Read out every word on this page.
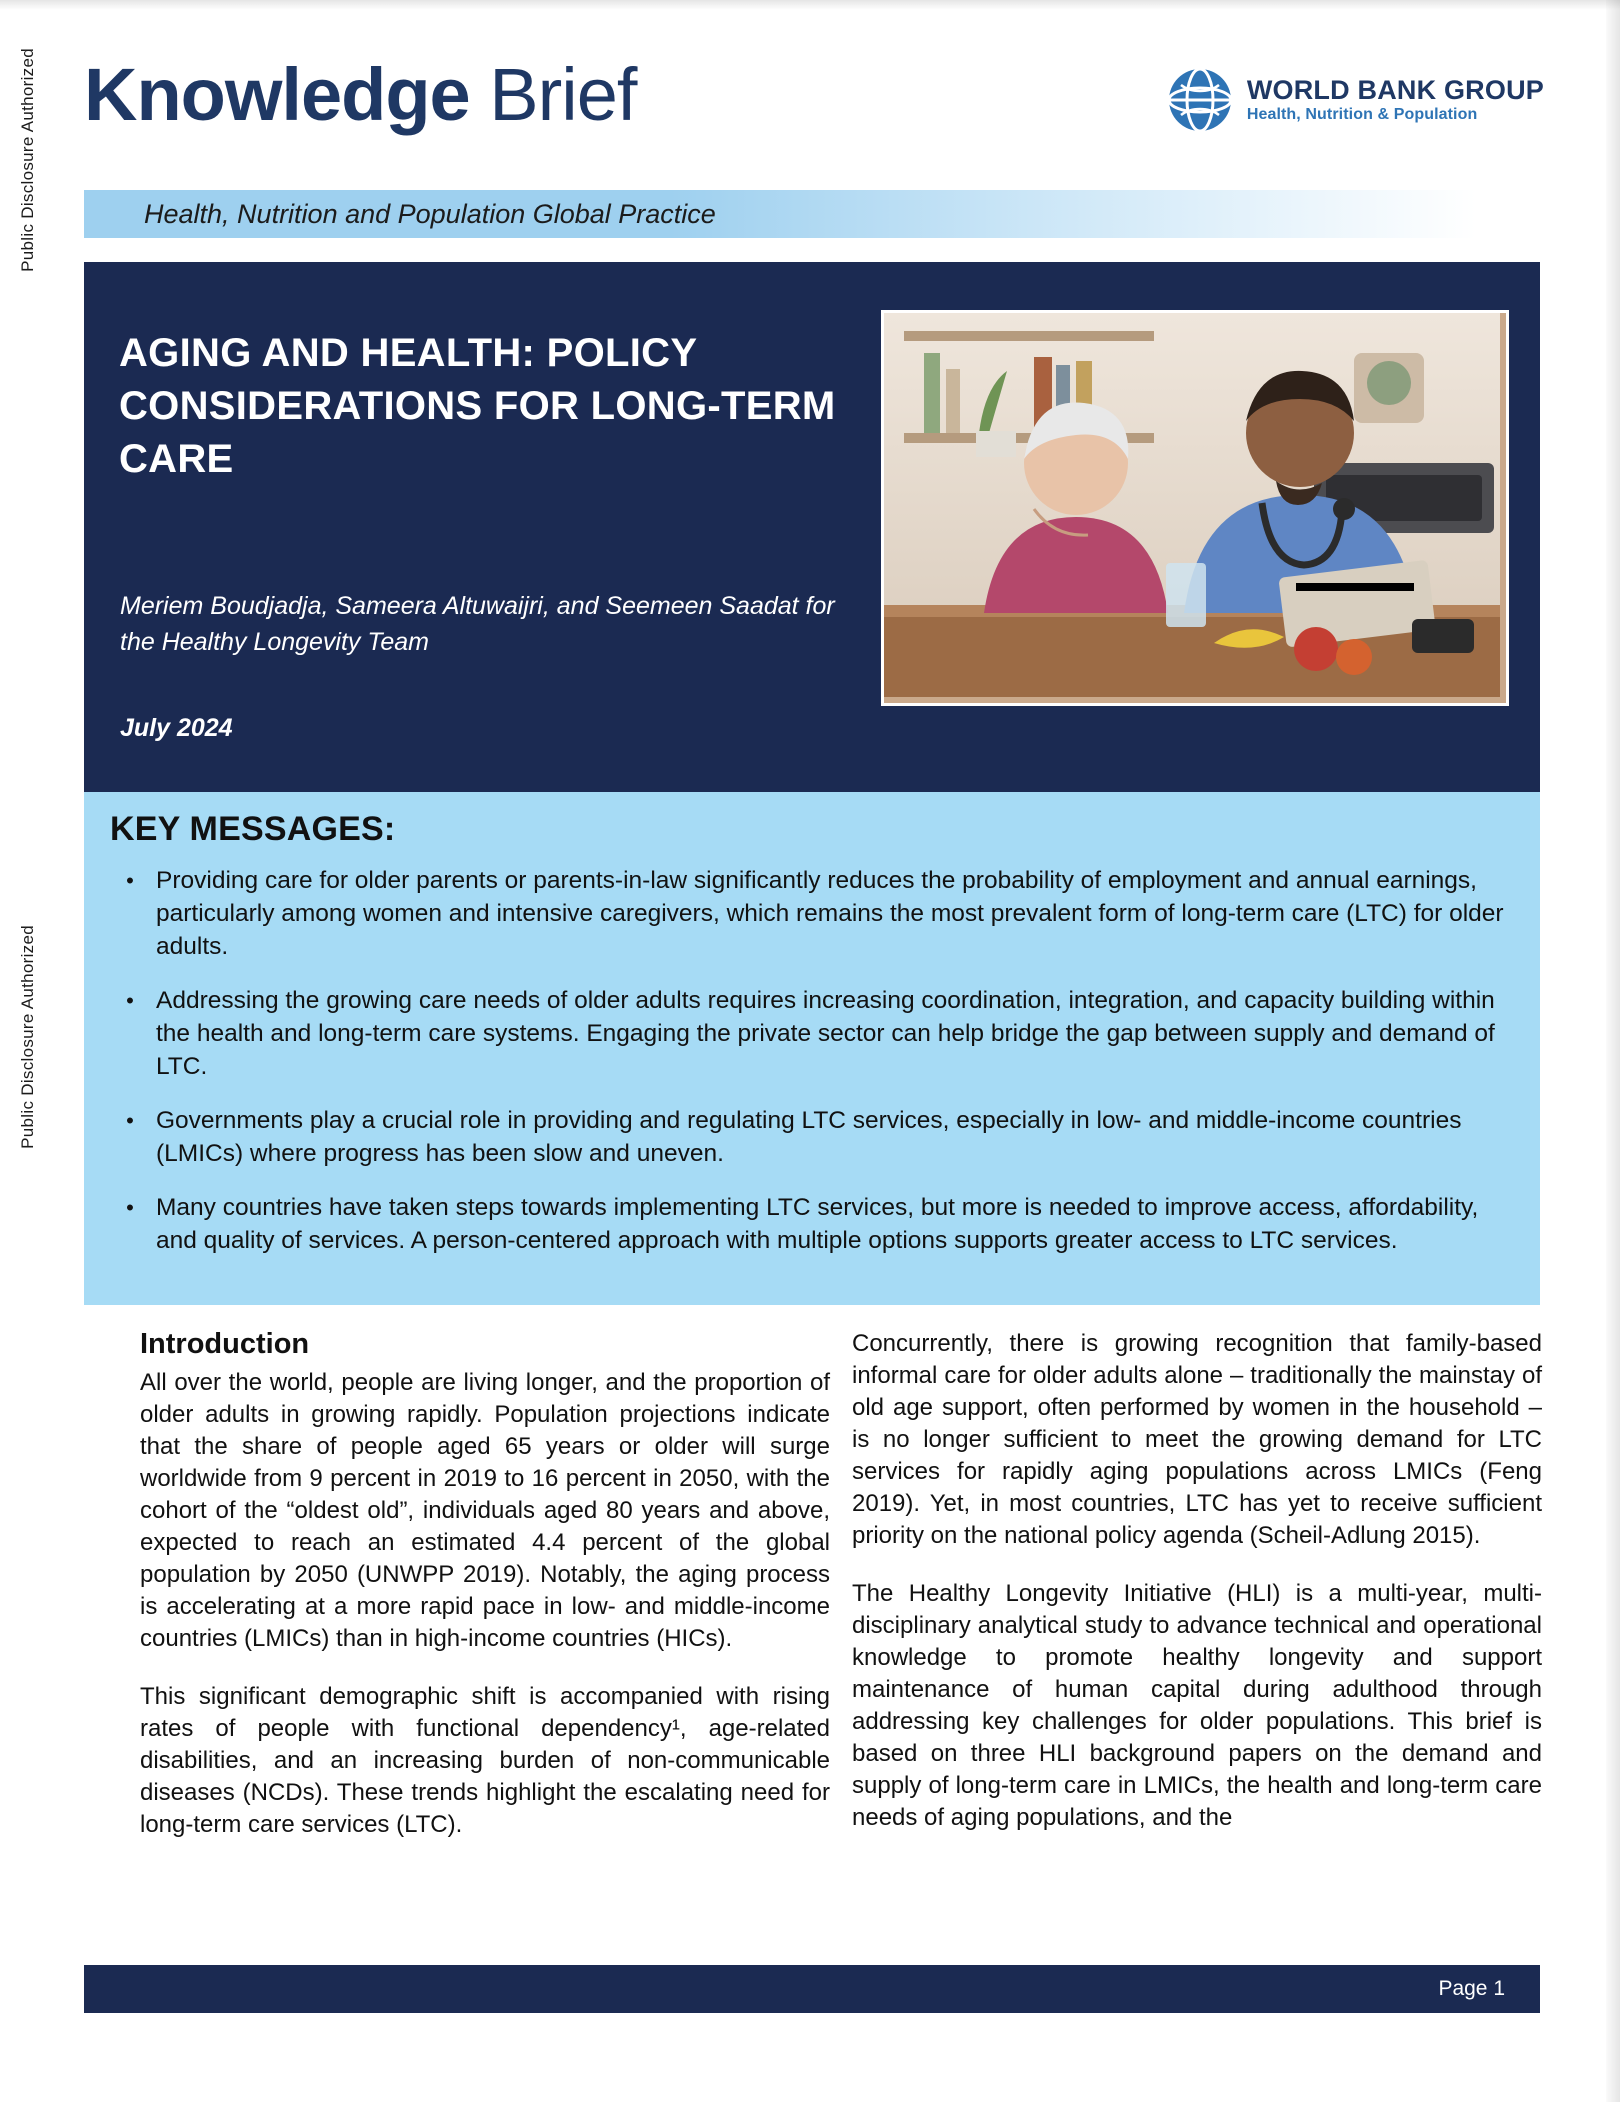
Public Disclosure Authorized
Public Disclosure Authorized
Knowledge Brief	WORLD BANK GROUP
Health, Nutrition & Population
Health, Nutrition and Population Global Practice
AGING AND HEALTH: POLICY CONSIDERATIONS FOR LONG-TERM CARE
Meriem Boudjadja, Sameera Altuwaijri, and Seemeen Saadat for the Healthy Longevity Team
July 2024
KEY MESSAGES:
• Providing care for older parents or parents-in-law significantly reduces the probability of employment and annual earnings, particularly among women and intensive caregivers, which remains the most prevalent form of long-term care (LTC) for older adults.
• Addressing the growing care needs of older adults requires increasing coordination, integration, and capacity building within the health and long-term care systems. Engaging the private sector can help bridge the gap between supply and demand of LTC.
• Governments play a crucial role in providing and regulating LTC services, especially in low- and middle-income countries (LMICs) where progress has been slow and uneven.
• Many countries have taken steps towards implementing LTC services, but more is needed to improve access, affordability, and quality of services. A person-centered approach with multiple options supports greater access to LTC services.
Introduction

All over the world, people are living longer, and the proportion of older adults in growing rapidly. Population projections indicate that the share of people aged 65 years or older will surge worldwide from 9 percent in 2019 to 16 percent in 2050, with the cohort of the “oldest old”, individuals aged 80 years and above, expected to reach an estimated 4.4 percent of the global population by 2050 (UNWPP 2019). Notably, the aging process is accelerating at a more rapid pace in low- and middle-income countries (LMICs) than in high-income countries (HICs).

This significant demographic shift is accompanied with rising rates of people with functional dependency¹, age-related disabilities, and an increasing burden of non-communicable diseases (NCDs). These trends highlight the escalating need for long-term care services (LTC).

Concurrently, there is growing recognition that family-based informal care for older adults alone – traditionally the mainstay of old age support, often performed by women in the household – is no longer sufficient to meet the growing demand for LTC services for rapidly aging populations across LMICs (Feng 2019). Yet, in most countries, LTC has yet to receive sufficient priority on the national policy agenda (Scheil-Adlung 2015).

The Healthy Longevity Initiative (HLI) is a multi-year, multi-disciplinary analytical study to advance technical and operational knowledge to promote healthy longevity and support maintenance of human capital during adulthood through addressing key challenges for older populations. This brief is based on three HLI background papers on the demand and supply of long-term care in LMICs, the health and long-term care needs of aging populations, and the

Page 1
